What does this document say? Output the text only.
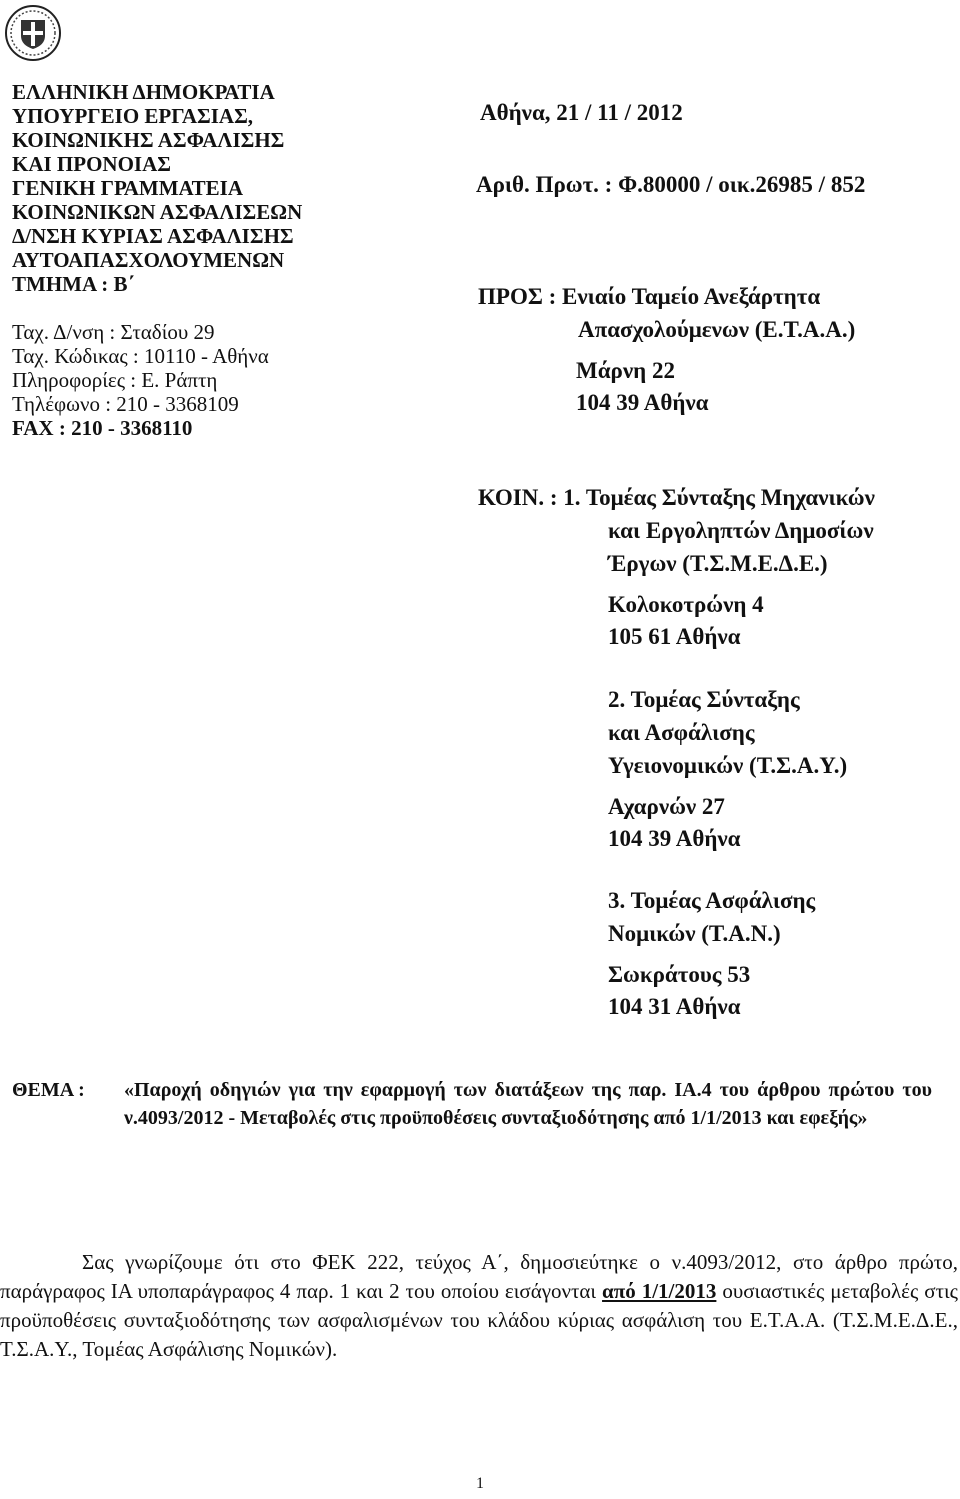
ΕΛΛΗΝΙΚΗ ΔΗΜΟΚΡΑΤΙΑ
ΥΠΟΥΡΓΕΙΟ ΕΡΓΑΣΙΑΣ,
ΚΟΙΝΩΝΙΚΗΣ ΑΣΦΑΛΙΣΗΣ
ΚΑΙ ΠΡΟΝΟΙΑΣ
ΓΕΝΙΚΗ ΓΡΑΜΜΑΤΕΙΑ
ΚΟΙΝΩΝΙΚΩΝ ΑΣΦΑΛΙΣΕΩΝ
Δ/ΝΣΗ ΚΥΡΙΑΣ ΑΣΦΑΛΙΣΗΣ
ΑΥΤΟΑΠΑΣΧΟΛΟΥΜΕΝΩΝ
ΤΜΗΜΑ : Β΄
Ταχ. Δ/νση : Σταδίου 29
Ταχ. Κώδικας : 10110 - Αθήνα
Πληροφορίες : Ε. Ράπτη
Τηλέφωνο : 210 - 3368109
FAX : 210 - 3368110
Αθήνα, 21 / 11 / 2012
Αριθ. Πρωτ. : Φ.80000 / οικ.26985 / 852
ΠΡΟΣ : Ενιαίο Ταμείο Ανεξάρτητα
Απασχολούμενων (Ε.Τ.Α.Α.)
Μάρνη 22
104 39 Αθήνα
ΚΟΙΝ. : 1. Τομέας Σύνταξης Μηχανικών
και Εργοληπτών Δημοσίων
Έργων (Τ.Σ.Μ.Ε.Δ.Ε.)
Κολοκοτρώνη 4
105 61 Αθήνα
2. Τομέας Σύνταξης
και Ασφάλισης
Υγειονομικών (Τ.Σ.Α.Υ.)
Αχαρνών 27
104 39 Αθήνα
3. Τομέας Ασφάλισης
Νομικών (Τ.Α.Ν.)
Σωκράτους 53
104 31 Αθήνα
ΘΕΜΑ : «Παροχή οδηγιών για την εφαρμογή των διατάξεων της παρ. ΙΑ.4 του άρθρου πρώτου του ν.4093/2012 - Μεταβολές στις προϋποθέσεις συνταξιοδότησης από 1/1/2013 και εφεξής»

Σας γνωρίζουμε ότι στο ΦΕΚ 222, τεύχος Α΄, δημοσιεύτηκε ο ν.4093/2012, στο άρθρο πρώτο, παράγραφος ΙΑ υποπαράγραφος 4 παρ. 1 και 2 του οποίου εισάγονται από 1/1/2013 ουσιαστικές μεταβολές στις προϋποθέσεις συνταξιοδότησης των ασφαλισμένων του κλάδου κύριας ασφάλιση του Ε.Τ.Α.Α. (Τ.Σ.Μ.Ε.Δ.Ε., Τ.Σ.Α.Υ., Τομέας Ασφάλισης Νομικών).

1
